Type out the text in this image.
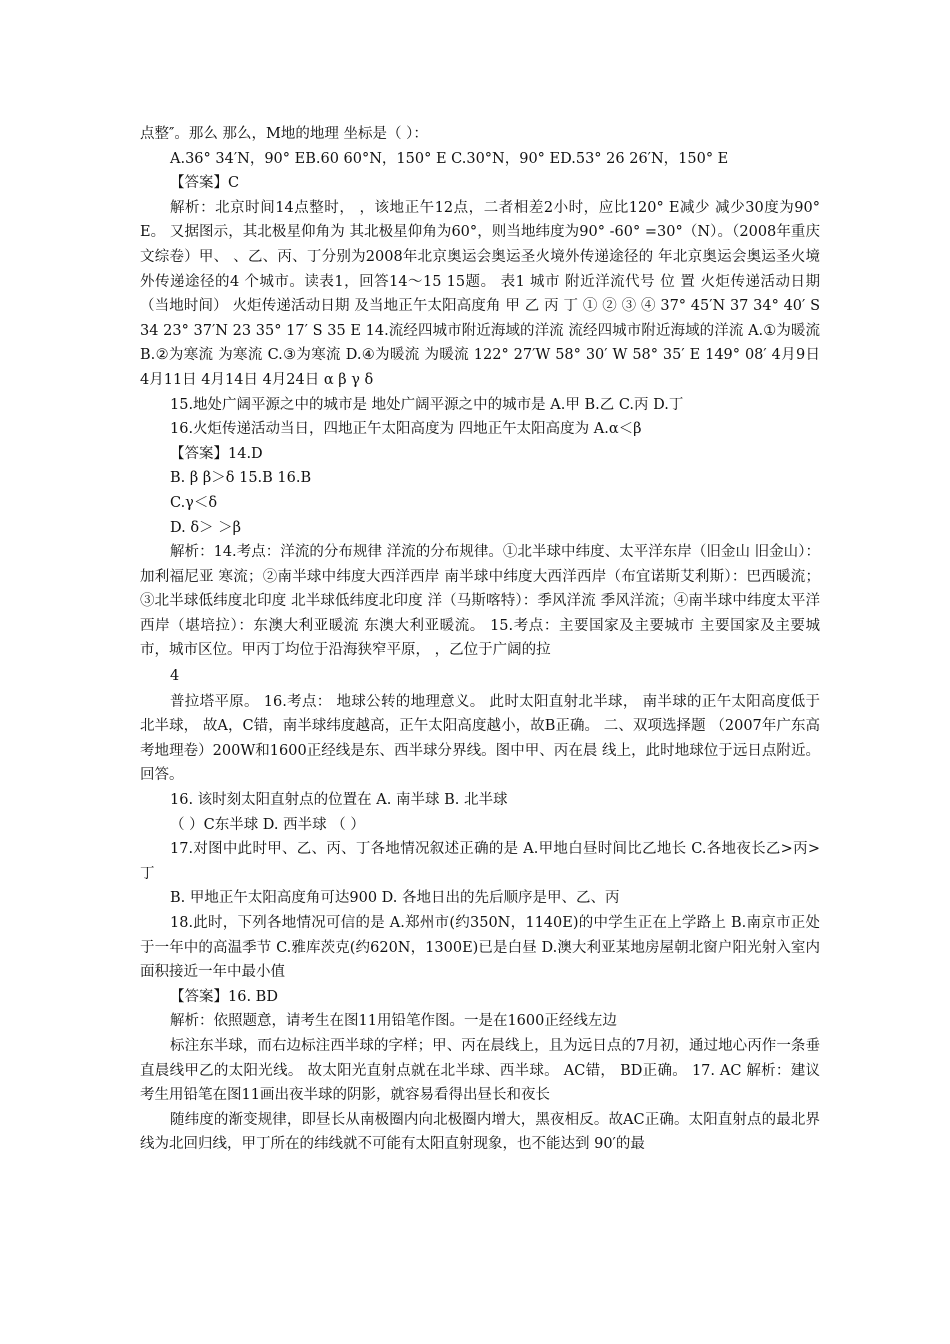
点整″。那么 那么，M地的地理 坐标是（ ）：

A.36° 34′N，90° EB.60 60°N，150° E C.30°N，90° ED.53° 26 26′N，150° E

【答案】C

解析：北京时间14点整时， ，该地正午12点，二者相差2小时，应比120° E减少 减少30度为90° E。 又据图示，其北极星仰角为 其北极星仰角为60°，则当地纬度为90° -60° =30°（N）。（2008年重庆文综卷）甲、 、乙、丙、丁分别为2008年北京奥运会奥运圣火境外传递途径的 年北京奥运会奥运圣火境外传递途径的4 个城市。读表1，回答14～15 15题。 表1 城市 附近洋流代号 位 置 火炬传递活动日期（当地时间） 火炬传递活动日期 及当地正午太阳高度角 甲 乙 丙 丁 ① ② ③ ④ 37° 45′N 37 34° 40′ S 34 23° 37′N 23 35° 17′ S 35 E 14.流经四城市附近海域的洋流 流经四城市附近海域的洋流 A.①为暖流 B.②为寒流 为寒流 C.③为寒流 D.④为暖流 为暖流 122° 27′W 58° 30′ W 58° 35′ E 149° 08′ 4月9日 4月11日 4月14日 4月24日 α β γ δ

15.地处广阔平源之中的城市是 地处广阔平源之中的城市是 A.甲 B.乙 C.丙 D.丁

16.火炬传递活动当日，四地正午太阳高度为 四地正午太阳高度为 A.α＜β

【答案】14.D

B. β β＞δ 15.B 16.B

C.γ＜δ

D. δ＞ ＞β

解析：14.考点：洋流的分布规律 洋流的分布规律。①北半球中纬度、太平洋东岸（旧金山 旧金山）：加利福尼亚 寒流；②南半球中纬度大西洋西岸 南半球中纬度大西洋西岸（布宜诺斯艾利斯）：巴西暖流；③北半球低纬度北印度 北半球低纬度北印度 洋（马斯喀特）：季风洋流 季风洋流；④南半球中纬度太平洋西岸（堪培拉）：东澳大利亚暖流 东澳大利亚暖流。 15.考点：主要国家及主要城市 主要国家及主要城市，城市区位。甲丙丁均位于沿海狭窄平原， ，乙位于广阔的拉

4

普拉塔平原。 16.考点： 地球公转的地理意义。 此时太阳直射北半球， 南半球的正午太阳高度低于北半球， 故A，C错，南半球纬度越高，正午太阳高度越小，故B正确。 二、双项选择题 （2007年广东高考地理卷）200W和1600正经线是东、西半球分界线。图中甲、丙在晨 线上，此时地球位于远日点附近。回答。

16. 该时刻太阳直射点的位置在 A. 南半球 B. 北半球

（ ）C东半球 D. 西半球 （ ）

17.对图中此时甲、乙、丙、丁各地情况叙述正确的是 A.甲地白昼时间比乙地长 C.各地夜长乙>丙>丁

B. 甲地正午太阳高度角可达900 D. 各地日出的先后顺序是甲、乙、丙

18.此时，下列各地情况可信的是 A.郑州市(约350N，1140E)的中学生正在上学路上 B.南京市正处于一年中的高温季节 C.雅库茨克(约620N，1300E)已是白昼 D.澳大利亚某地房屋朝北窗户阳光射入室内面积接近一年中最小值

【答案】16. BD

解析：依照题意，请考生在图11用铅笔作图。一是在1600正经线左边

标注东半球，而右边标注西半球的字样；甲、丙在晨线上，且为远日点的7月初，通过地心丙作一条垂直晨线甲乙的太阳光线。 故太阳光直射点就在北半球、西半球。 AC错， BD正确。 17. AC 解析：建议考生用铅笔在图11画出夜半球的阴影，就容易看得出昼长和夜长

随纬度的渐变规律，即昼长从南极圈内向北极圈内增大，黑夜相反。故AC正确。太阳直射点的最北界线为北回归线，甲丁所在的纬线就不可能有太阳直射现象，也不能达到 90′的最
